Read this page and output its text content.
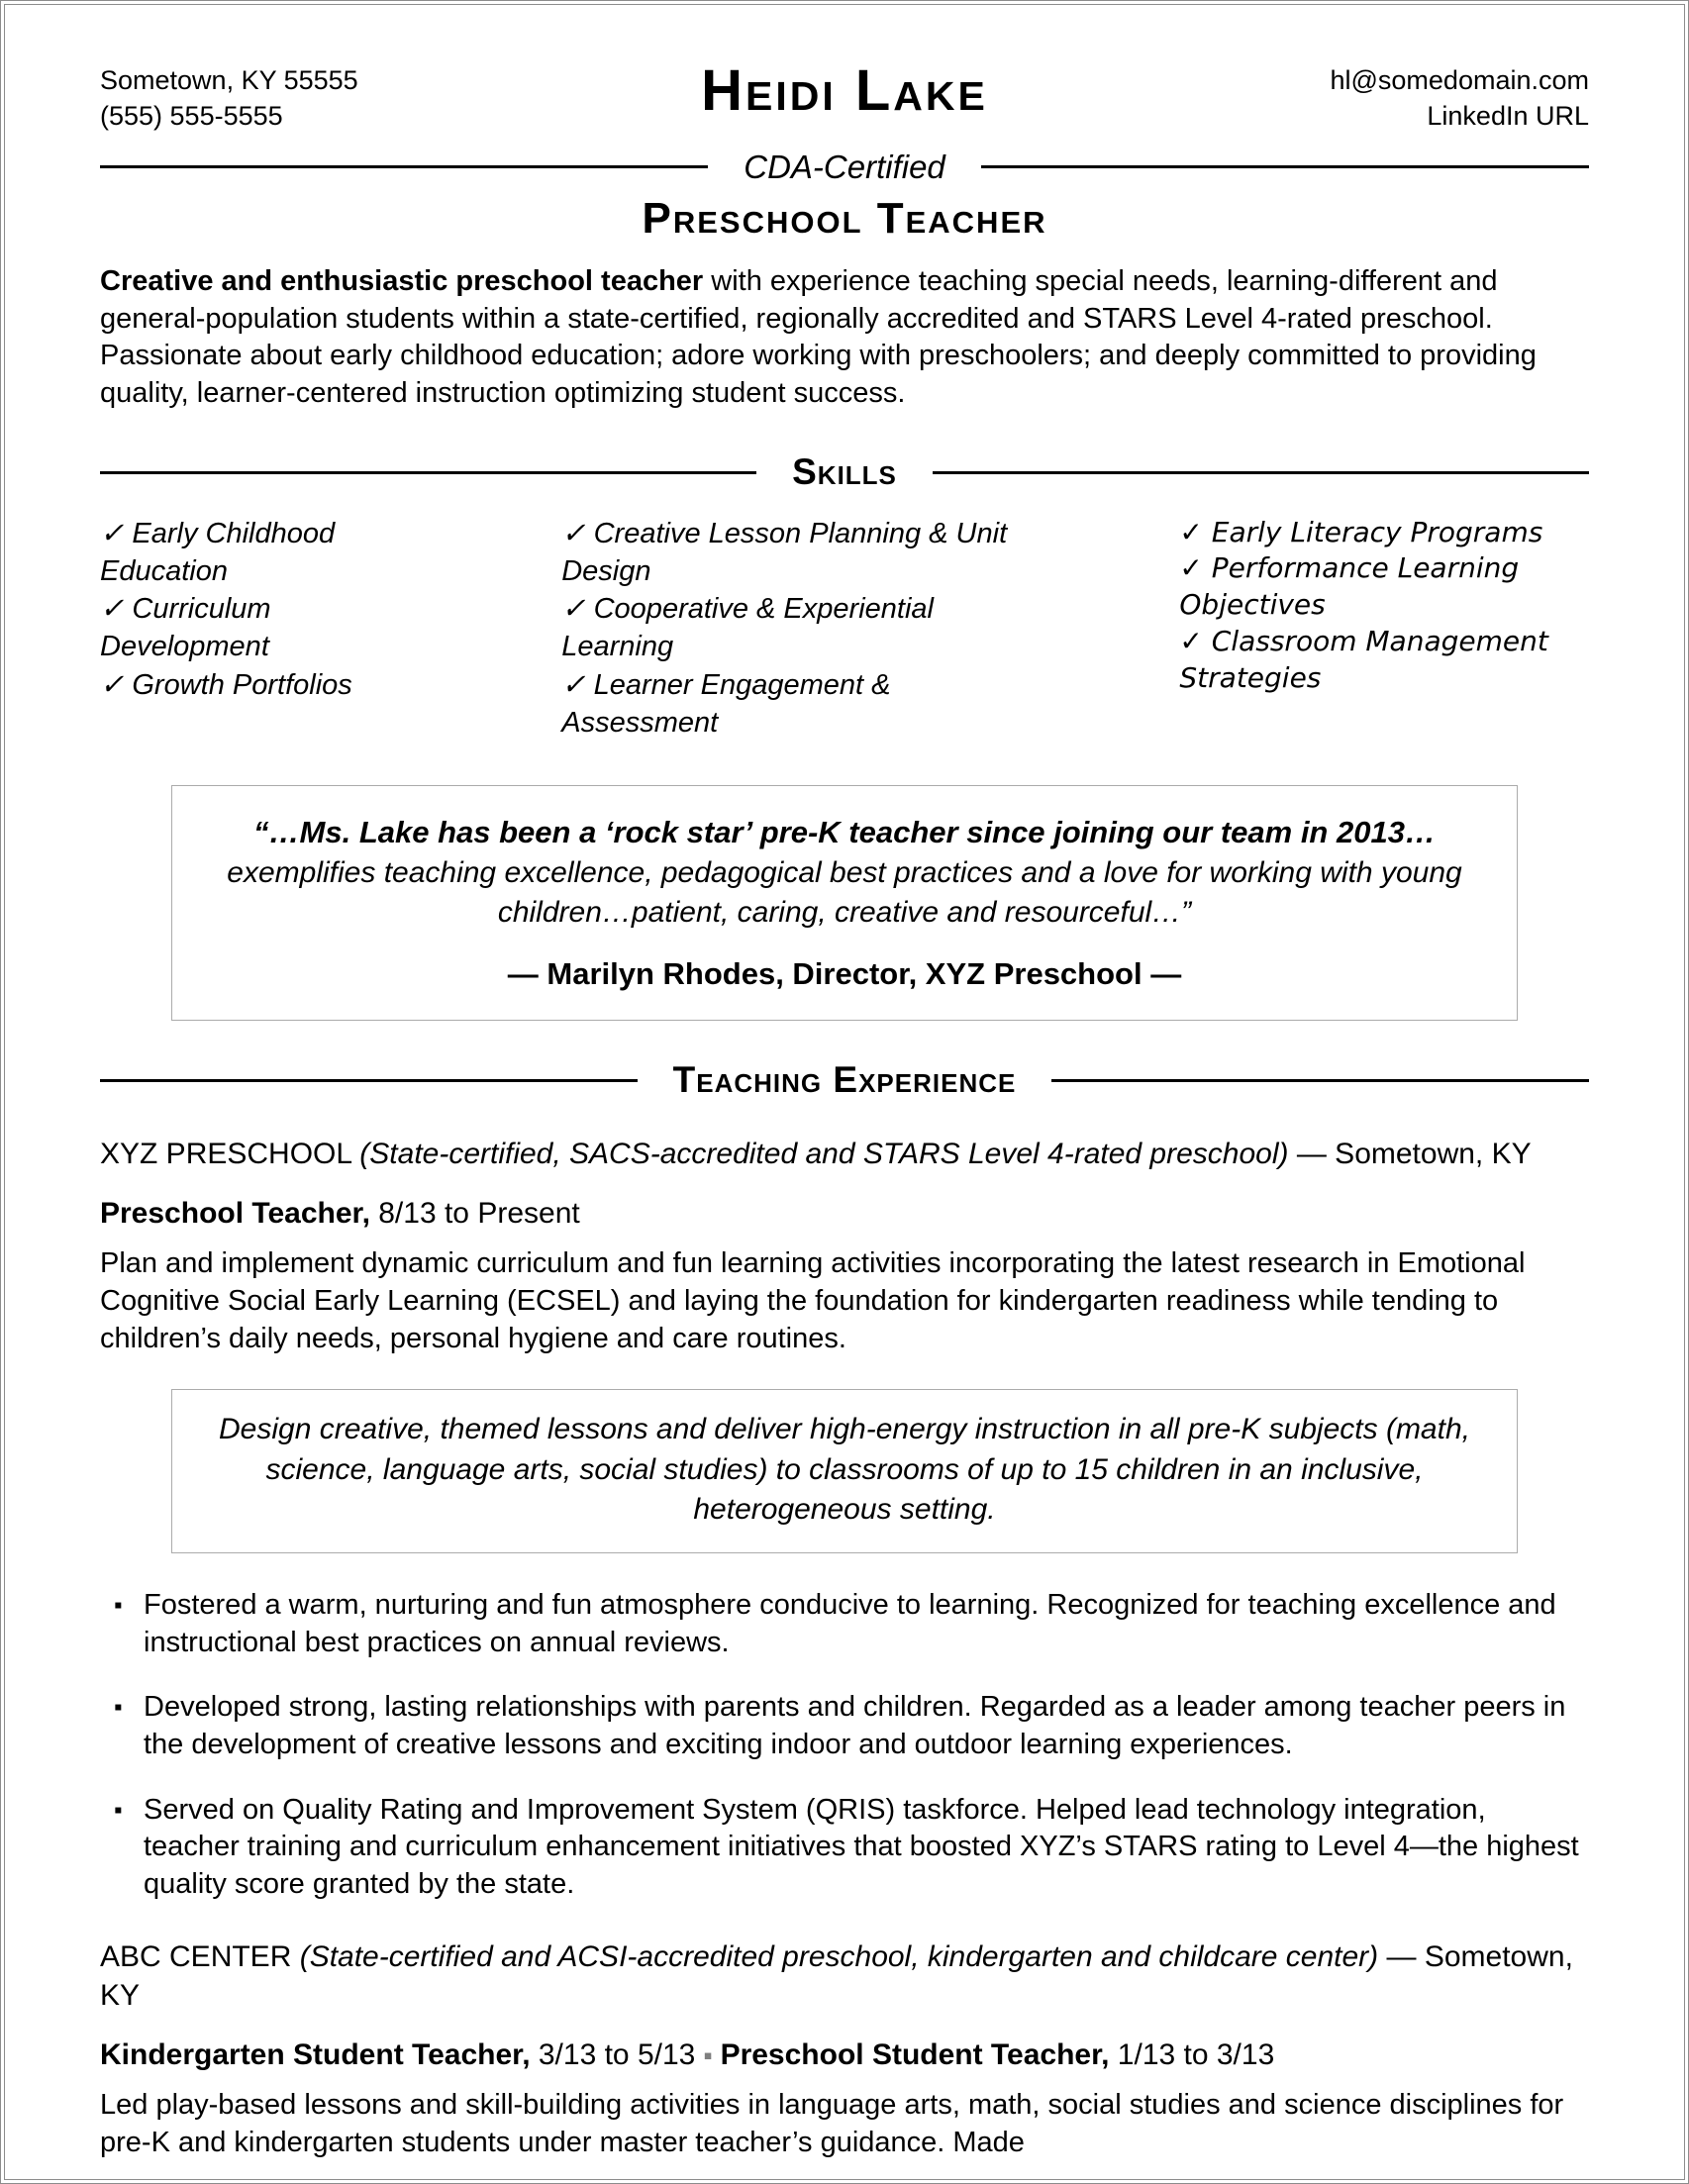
Sometown, KY 55555
(555) 555-5555	Heidi Lake	hl@somedomain.com
LinkedIn URL
CDA-Certified
Preschool Teacher

Creative and enthusiastic preschool teacher with experience teaching special needs, learning-different and general-population students within a state-certified, regionally accredited and STARS Level 4-rated preschool. Passionate about early childhood education; adore working with preschoolers; and deeply committed to providing quality, learner-centered instruction optimizing student success.

Skills
✓ Early Childhood Education
✓ Curriculum Development
✓ Growth Portfolios
✓ Creative Lesson Planning & Unit Design
✓ Cooperative & Experiential Learning
✓ Learner Engagement & Assessment
✓ Early Literacy Programs
✓ Performance Learning Objectives
✓ Classroom Management Strategies

“…Ms. Lake has been a ‘rock star’ pre-K teacher since joining our team in 2013…

exemplifies teaching excellence, pedagogical best practices and a love for working with young children…patient, caring, creative and resourceful…”

— Marilyn Rhodes, Director, XYZ Preschool —

Teaching Experience

XYZ PRESCHOOL (State-certified, SACS-accredited and STARS Level 4-rated preschool) — Sometown, KY

Preschool Teacher, 8/13 to Present

Plan and implement dynamic curriculum and fun learning activities incorporating the latest research in Emotional Cognitive Social Early Learning (ECSEL) and laying the foundation for kindergarten readiness while tending to children’s daily needs, personal hygiene and care routines.

Design creative, themed lessons and deliver high-energy instruction in all pre-K subjects (math, science, language arts, social studies) to classrooms of up to 15 children in an inclusive, heterogeneous setting.

▪ Fostered a warm, nurturing and fun atmosphere conducive to learning. Recognized for teaching excellence and instructional best practices on annual reviews.
▪ Developed strong, lasting relationships with parents and children. Regarded as a leader among teacher peers in the development of creative lessons and exciting indoor and outdoor learning experiences.
▪ Served on Quality Rating and Improvement System (QRIS) taskforce. Helped lead technology integration, teacher training and curriculum enhancement initiatives that boosted XYZ’s STARS rating to Level 4—the highest quality score granted by the state.

ABC CENTER (State-certified and ACSI-accredited preschool, kindergarten and childcare center) — Sometown, KY

Kindergarten Student Teacher, 3/13 to 5/13 ▪ Preschool Student Teacher, 1/13 to 3/13

Led play-based lessons and skill-building activities in language arts, math, social studies and science disciplines for pre-K and kindergarten students under master teacher’s guidance. Made
